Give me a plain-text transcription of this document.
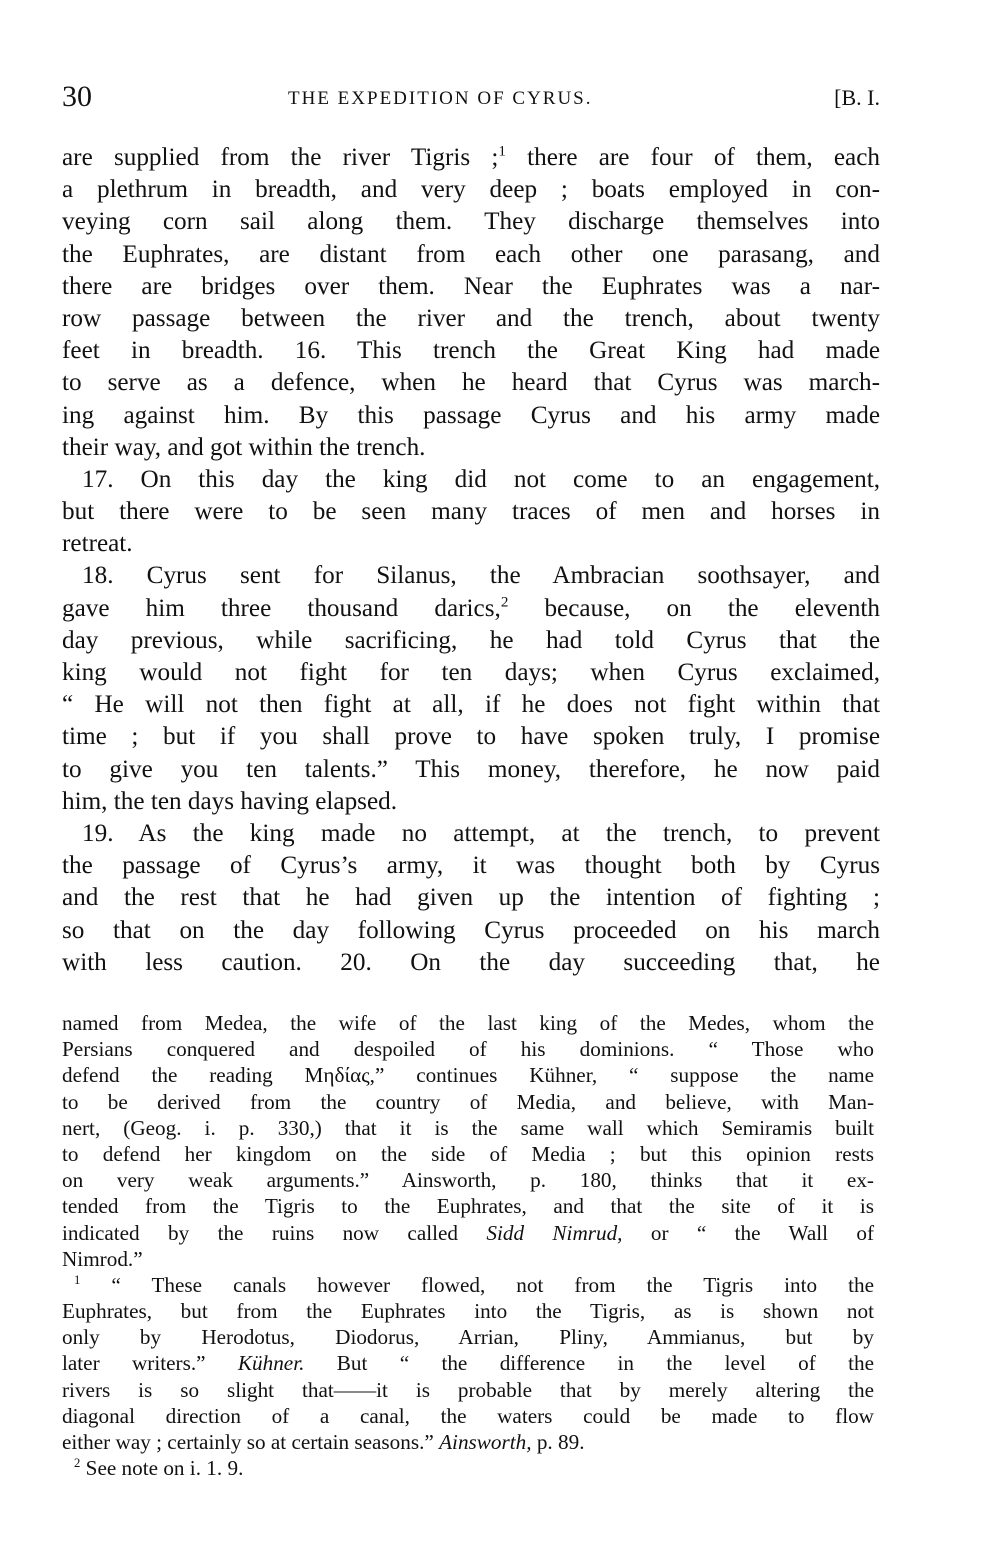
30	THE EXPEDITION OF CYRUS.	[B. I.
are supplied from the river Tigris ;$^1$ there are four of them, each
a plethrum in breadth, and very deep ; boats employed in con-
veying corn sail along them. They discharge themselves into
the Euphrates, are distant from each other one parasang, and
there are bridges over them. Near the Euphrates was a nar-
row passage between the river and the trench, about twenty
feet in breadth. 16. This trench the Great King had made
to serve as a defence, when he heard that Cyrus was march-
ing against him. By this passage Cyrus and his army made
their way, and got within the trench.
17. On this day the king did not come to an engagement,
but there were to be seen many traces of men and horses in
retreat.
18. Cyrus sent for Silanus, the Ambracian soothsayer, and
gave him three thousand darics,$^2$ because, on the eleventh
day previous, while sacrificing, he had told Cyrus that the
king would not fight for ten days; when Cyrus exclaimed,
“ He will not then fight at all, if he does not fight within that
time ; but if you shall prove to have spoken truly, I promise
to give you ten talents.” This money, therefore, he now paid
him, the ten days having elapsed.
19. As the king made no attempt, at the trench, to prevent
the passage of Cyrus’s army, it was thought both by Cyrus
and the rest that he had given up the intention of fighting ;
so that on the day following Cyrus proceeded on his march
with less caution. 20. On the day succeeding that, he
named from Medea, the wife of the last king of the Medes, whom the
Persians conquered and despoiled of his dominions. “ Those who
defend the reading Μηδίας,” continues Kühner, “ suppose the name
to be derived from the country of Media, and believe, with Man-
nert, (Geog. i. p. 330,) that it is the same wall which Semiramis built
to defend her kingdom on the side of Media ; but this opinion rests
on very weak arguments.” Ainsworth, p. 180, thinks that it ex-
tended from the Tigris to the Euphrates, and that the site of it is
indicated by the ruins now called Sidd Nimrud, or “ the Wall of
Nimrod.”
$^1$ “ These canals however flowed, not from the Tigris into the
Euphrates, but from the Euphrates into the Tigris, as is shown not
only by Herodotus, Diodorus, Arrian, Pliny, Ammianus, but by
later writers.” Kühner. But “ the difference in the level of the
rivers is so slight that——it is probable that by merely altering the
diagonal direction of a canal, the waters could be made to flow
either way ; certainly so at certain seasons.” Ainsworth, p. 89.
$^2$ See note on i. 1. 9.
